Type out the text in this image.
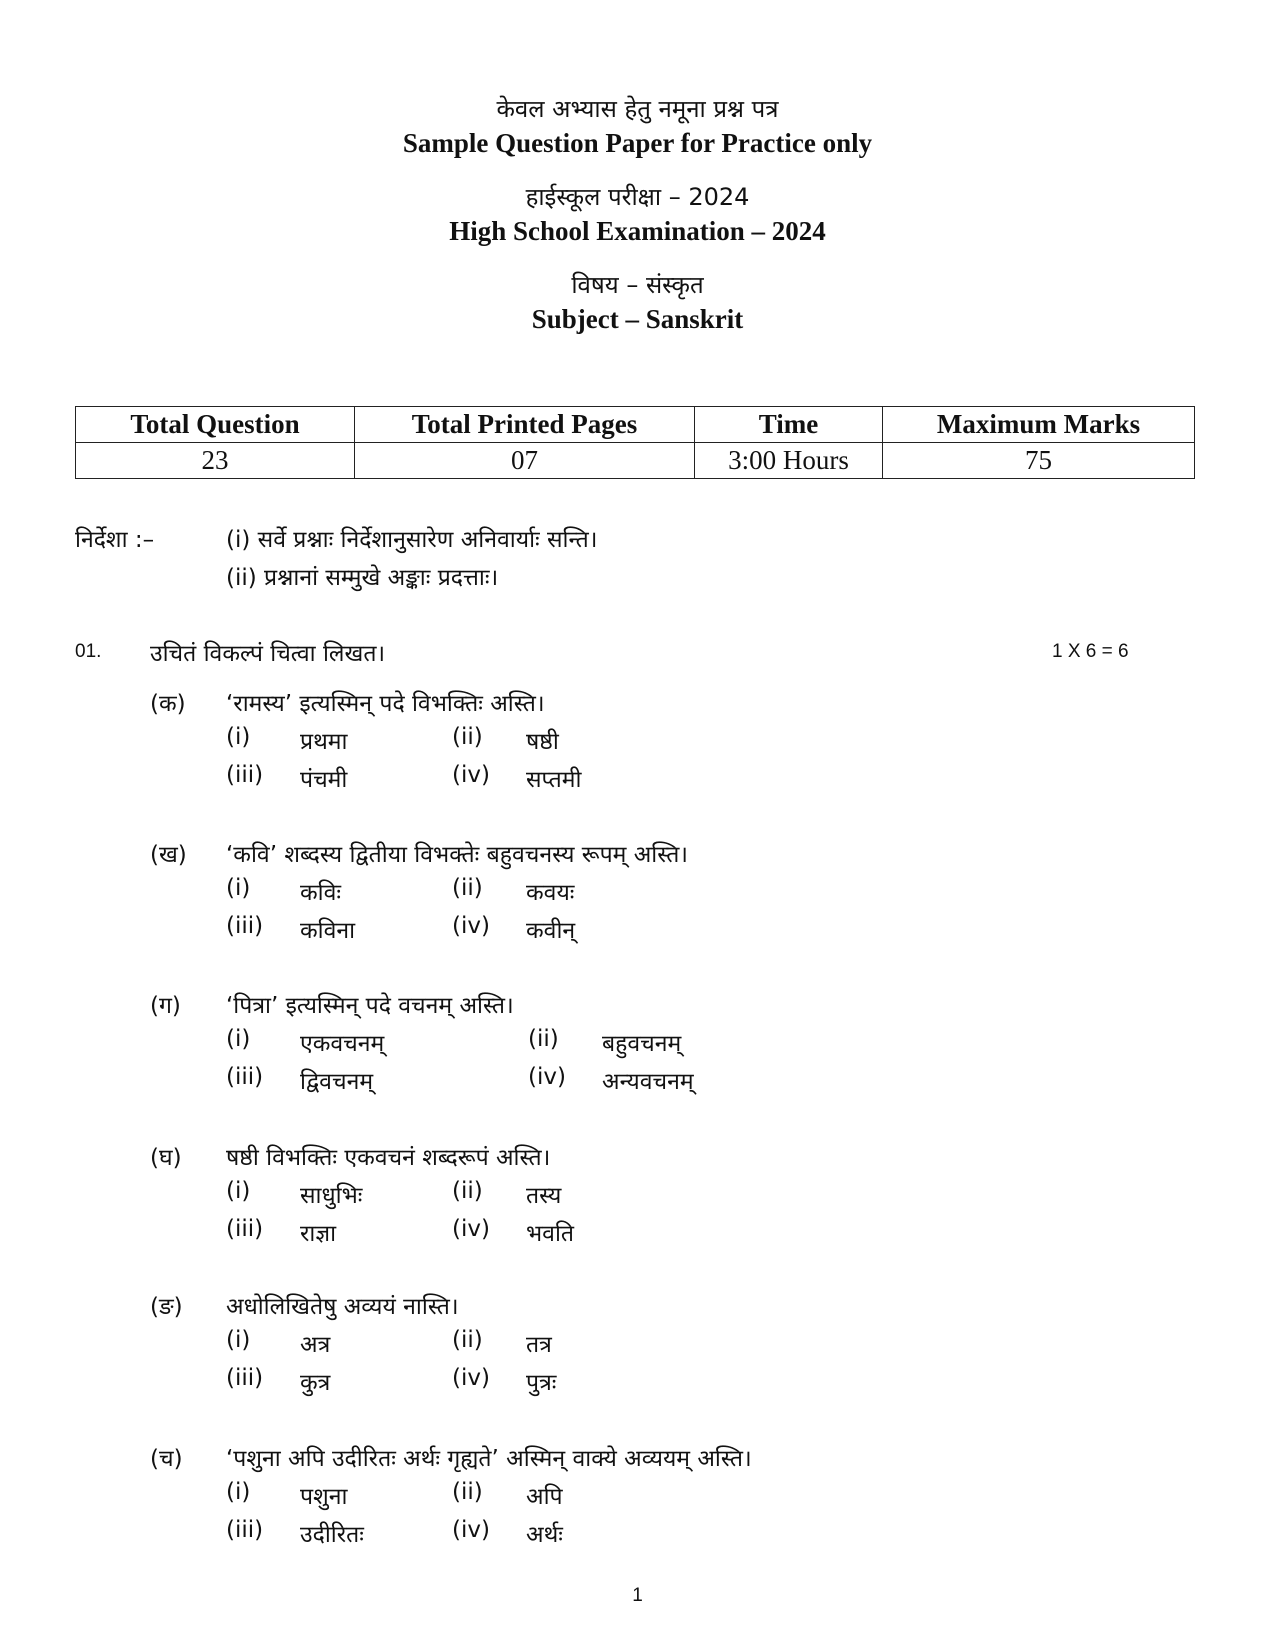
केवल अभ्यास हेतु नमूना प्रश्न पत्र
Sample Question Paper for Practice only
हाईस्कूल परीक्षा – 2024
High School Examination – 2024
विषय – संस्कृत
Subject – Sanskrit
Total Question	Total Printed Pages	Time	Maximum Marks
23	07	3:00 Hours	75
निर्देशा :–	(i) सर्वे प्रश्नाः निर्देशानुसारेण अनिवार्याः सन्ति।
(ii) प्रश्नानां सम्मुखे अङ्काः प्रदत्ताः।
01. उचितं विकल्पं चित्वा लिखत।	1 X 6 = 6
(क) ‘रामस्य’ इत्यस्मिन् पदे विभक्तिः अस्ति।
(i) प्रथमा	(ii) षष्ठी
(iii) पंचमी	(iv) सप्तमी
(ख) ‘कवि’ शब्दस्य द्वितीया विभक्तेः बहुवचनस्य रूपम् अस्ति।
(i) कविः	(ii) कवयः
(iii) कविना	(iv) कवीन्
(ग) ‘पित्रा’ इत्यस्मिन् पदे वचनम् अस्ति।
(i) एकवचनम्	(ii) बहुवचनम्
(iii) द्विवचनम्	(iv) अन्यवचनम्
(घ) षष्ठी विभक्तिः एकवचनं शब्दरूपं अस्ति।
(i) साधुभिः	(ii) तस्य
(iii) राज्ञा	(iv) भवति
(ङ) अधोलिखितेषु अव्ययं नास्ति।
(i) अत्र	(ii) तत्र
(iii) कुत्र	(iv) पुत्रः
(च) ‘पशुना अपि उदीरितः अर्थः गृह्यते’ अस्मिन् वाक्ये अव्ययम् अस्ति।
(i) पशुना	(ii) अपि
(iii) उदीरितः	(iv) अर्थः
1
